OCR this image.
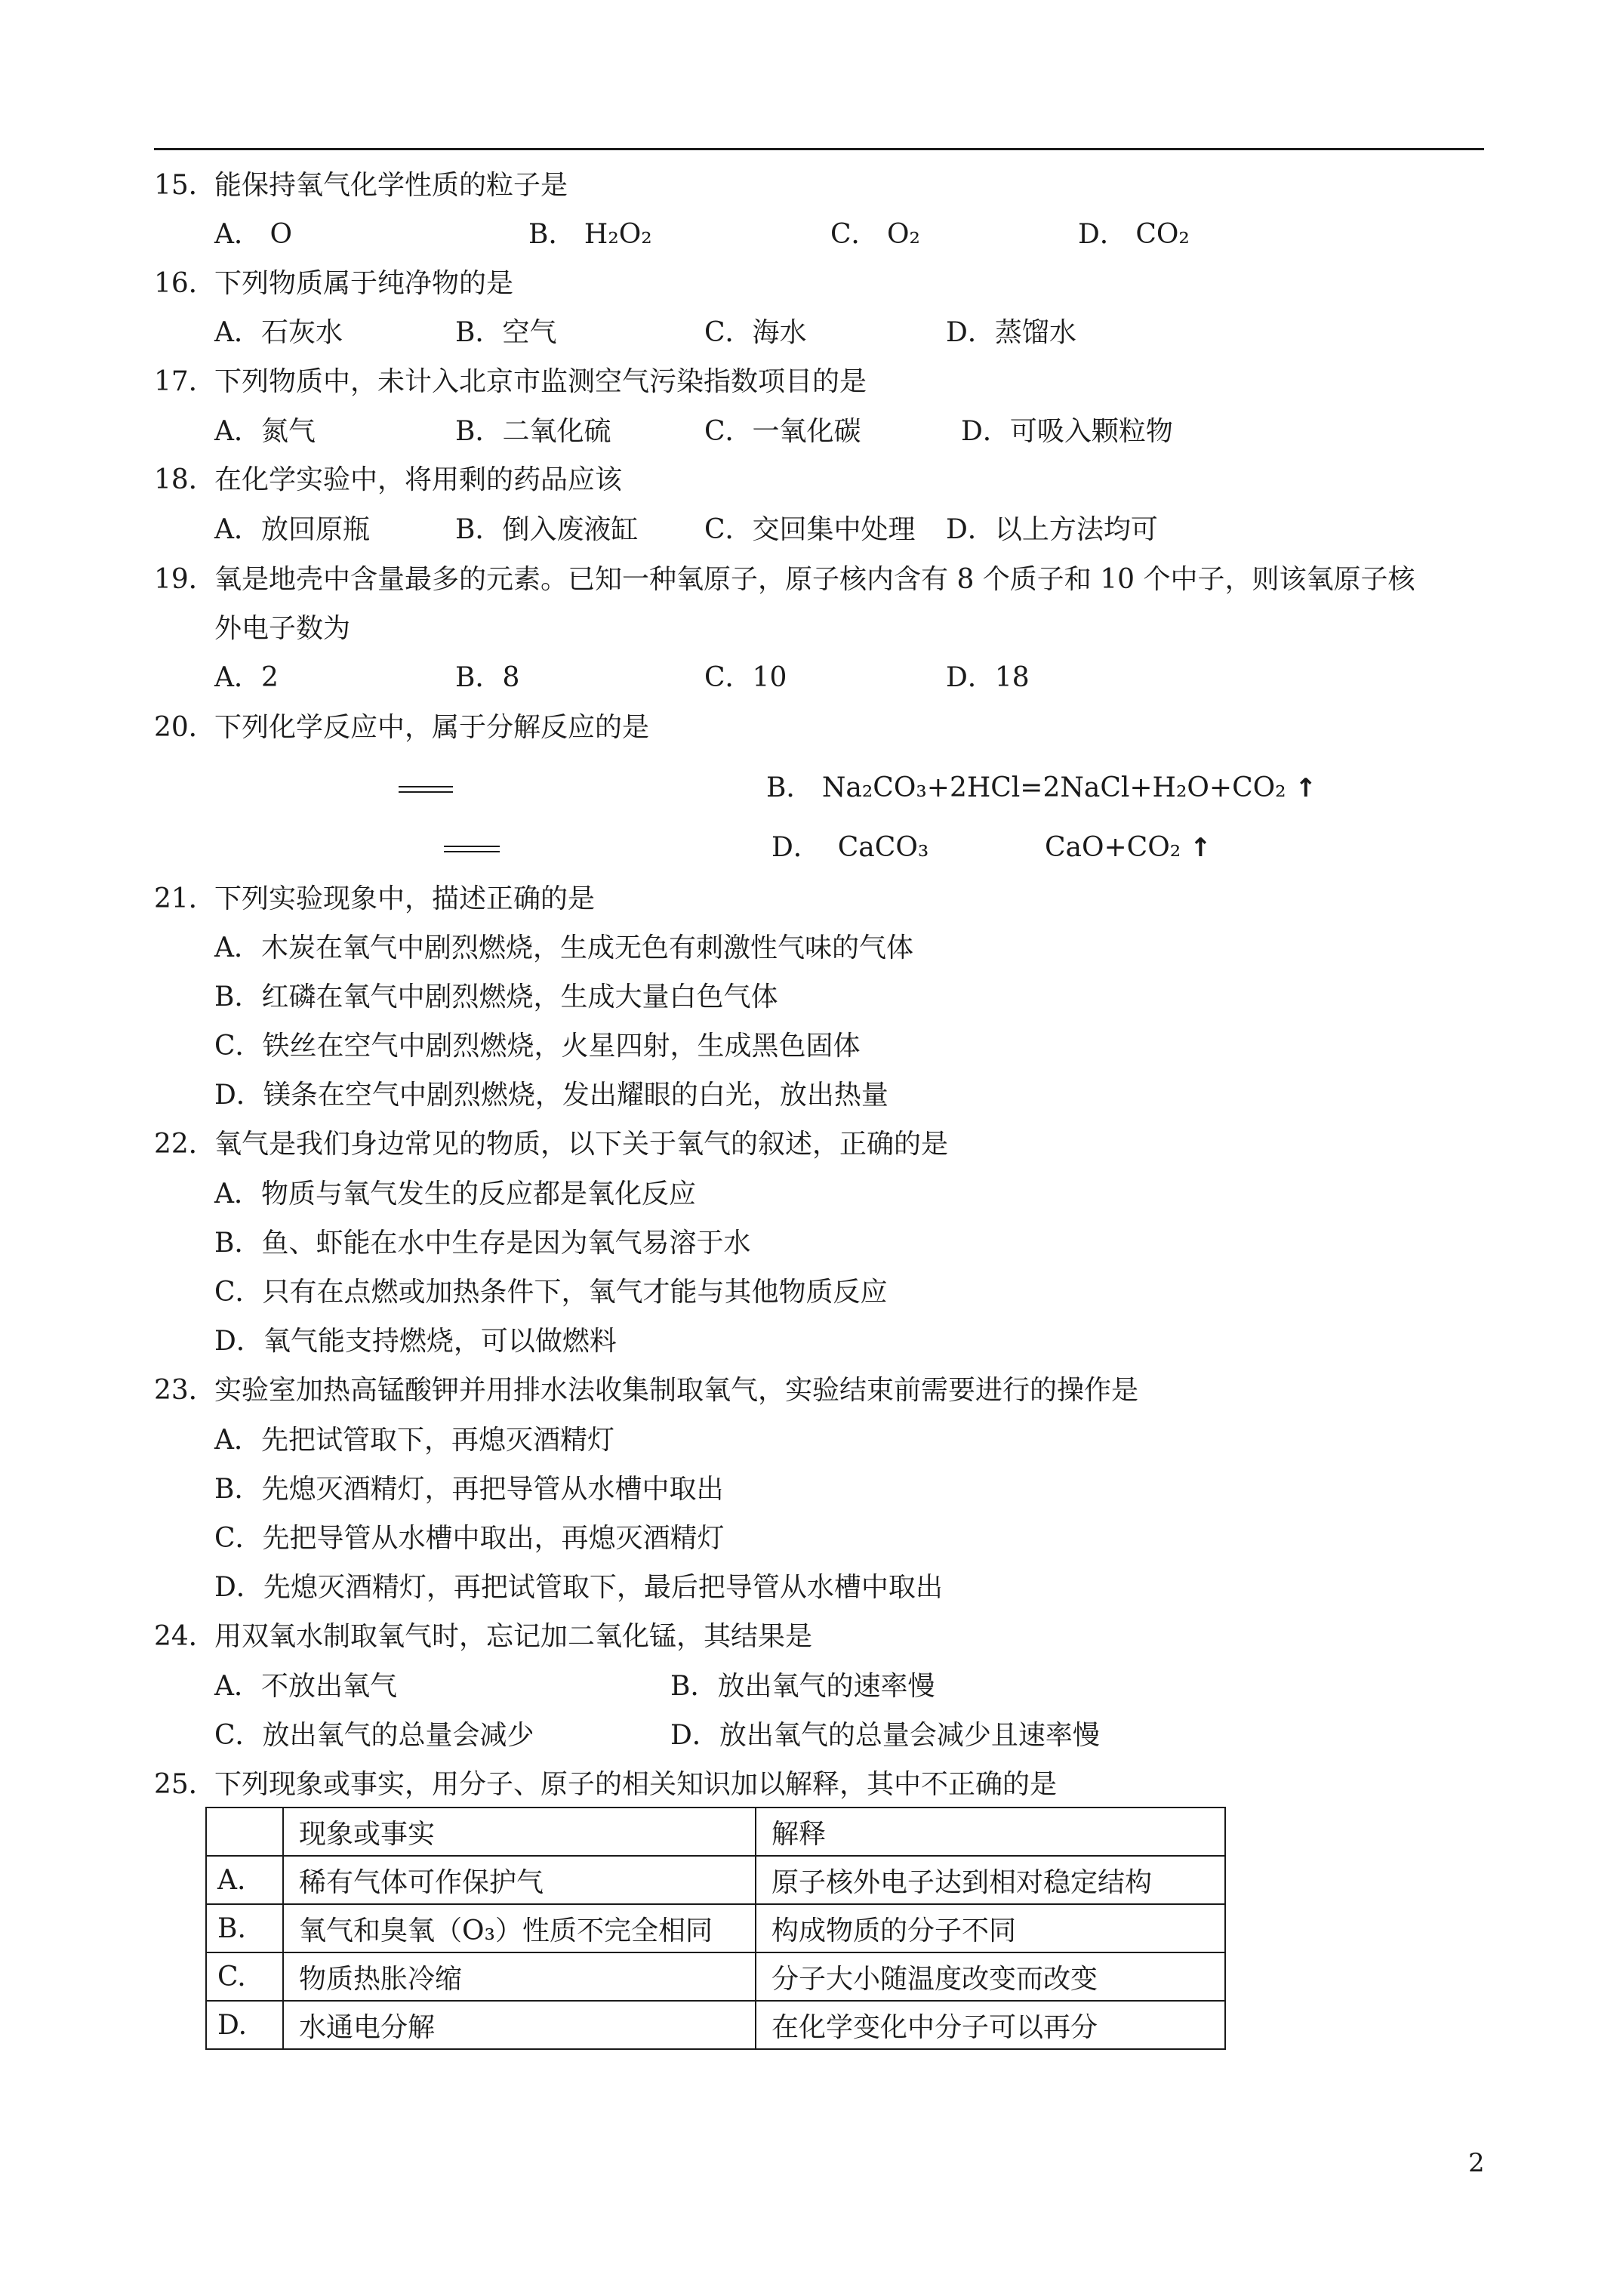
15．能保持氧气化学性质的粒子是
A． O	B． H₂O₂	C． O₂	D． CO₂
16．下列物质属于纯净物的是
A．石灰水	B．空气	C．海水	D．蒸馏水
17．下列物质中，未计入北京市监测空气污染指数项目的是
A．氮气	B．二氧化硫	C．一氧化碳	D．可吸入颗粒物
18．在化学实验中，将用剩的药品应该
A．放回原瓶	B．倒入废液缸 C．交回集中处理 D．以上方法均可
19．氧是地壳中含量最多的元素。已知一种氧原子，原子核内含有 8 个质子和 10 个中子，则该氧原子核
外电子数为
A．2	B．8	C．10	D．18
20．下列化学反应中，属于分解反应的是
B． Na₂CO₃+2HCl=2NaCl+H₂O+CO₂ ↑
D． CaCO₃	CaO+CO₂ ↑
21．下列实验现象中，描述正确的是
A．木炭在氧气中剧烈燃烧，生成无色有刺激性气味的气体
B．红磷在氧气中剧烈燃烧，生成大量白色气体
C．铁丝在空气中剧烈燃烧，火星四射，生成黑色固体
D．镁条在空气中剧烈燃烧，发出耀眼的白光，放出热量
22．氧气是我们身边常见的物质，以下关于氧气的叙述，正确的是
A．物质与氧气发生的反应都是氧化反应
B．鱼、虾能在水中生存是因为氧气易溶于水
C．只有在点燃或加热条件下，氧气才能与其他物质反应
D．氧气能支持燃烧，可以做燃料
23．实验室加热高锰酸钾并用排水法收集制取氧气，实验结束前需要进行的操作是
A．先把试管取下，再熄灭酒精灯
B．先熄灭酒精灯，再把导管从水槽中取出
C．先把导管从水槽中取出，再熄灭酒精灯
D．先熄灭酒精灯，再把试管取下，最后把导管从水槽中取出
24．用双氧水制取氧气时，忘记加二氧化锰，其结果是
A．不放出氧气	B．放出氧气的速率慢
C．放出氧气的总量会减少	D．放出氧气的总量会减少且速率慢
25．下列现象或事实，用分子、原子的相关知识加以解释，其中不正确的是
	现象或事实	解释
A.	稀有气体可作保护气	原子核外电子达到相对稳定结构
B.	氧气和臭氧（O₃）性质不完全相同	构成物质的分子不同
C.	物质热胀冷缩	分子大小随温度改变而改变
D.	水通电分解	在化学变化中分子可以再分
2
